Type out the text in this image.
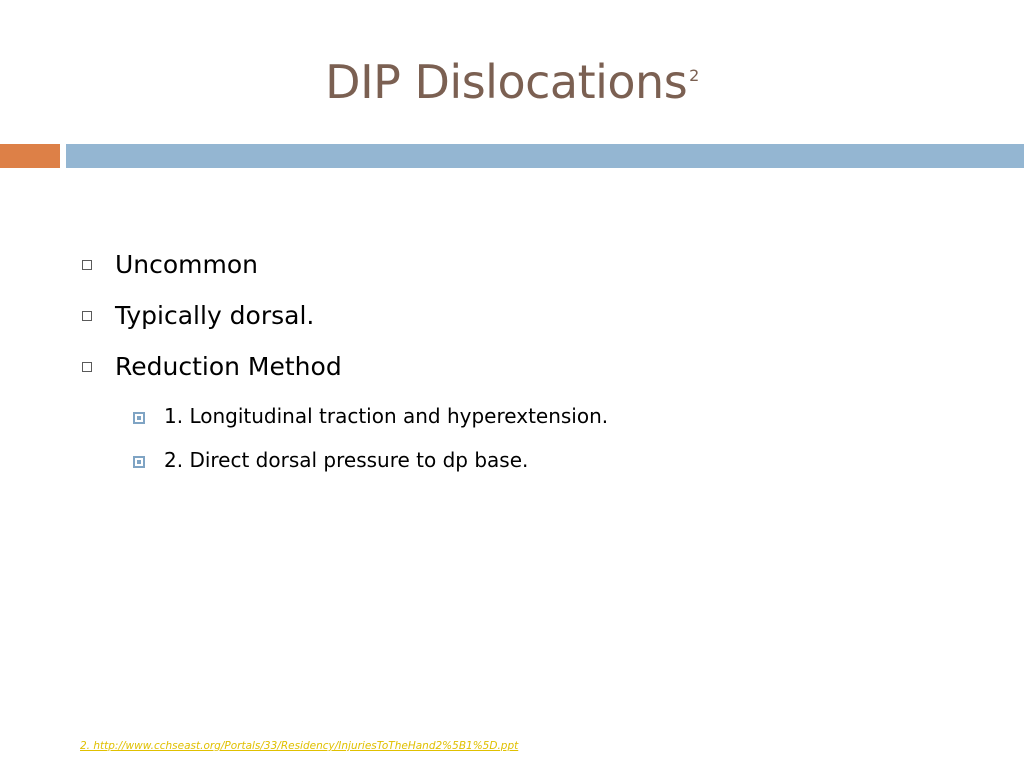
DIP Dislocations $^2$
Uncommon
Typically dorsal.
Reduction Method
1. Longitudinal traction and hyperextension.
2. Direct dorsal pressure to dp base.
2. http://www.cchseast.org/Portals/33/Residency/InjuriesToTheHand2%5B1%5D.ppt
